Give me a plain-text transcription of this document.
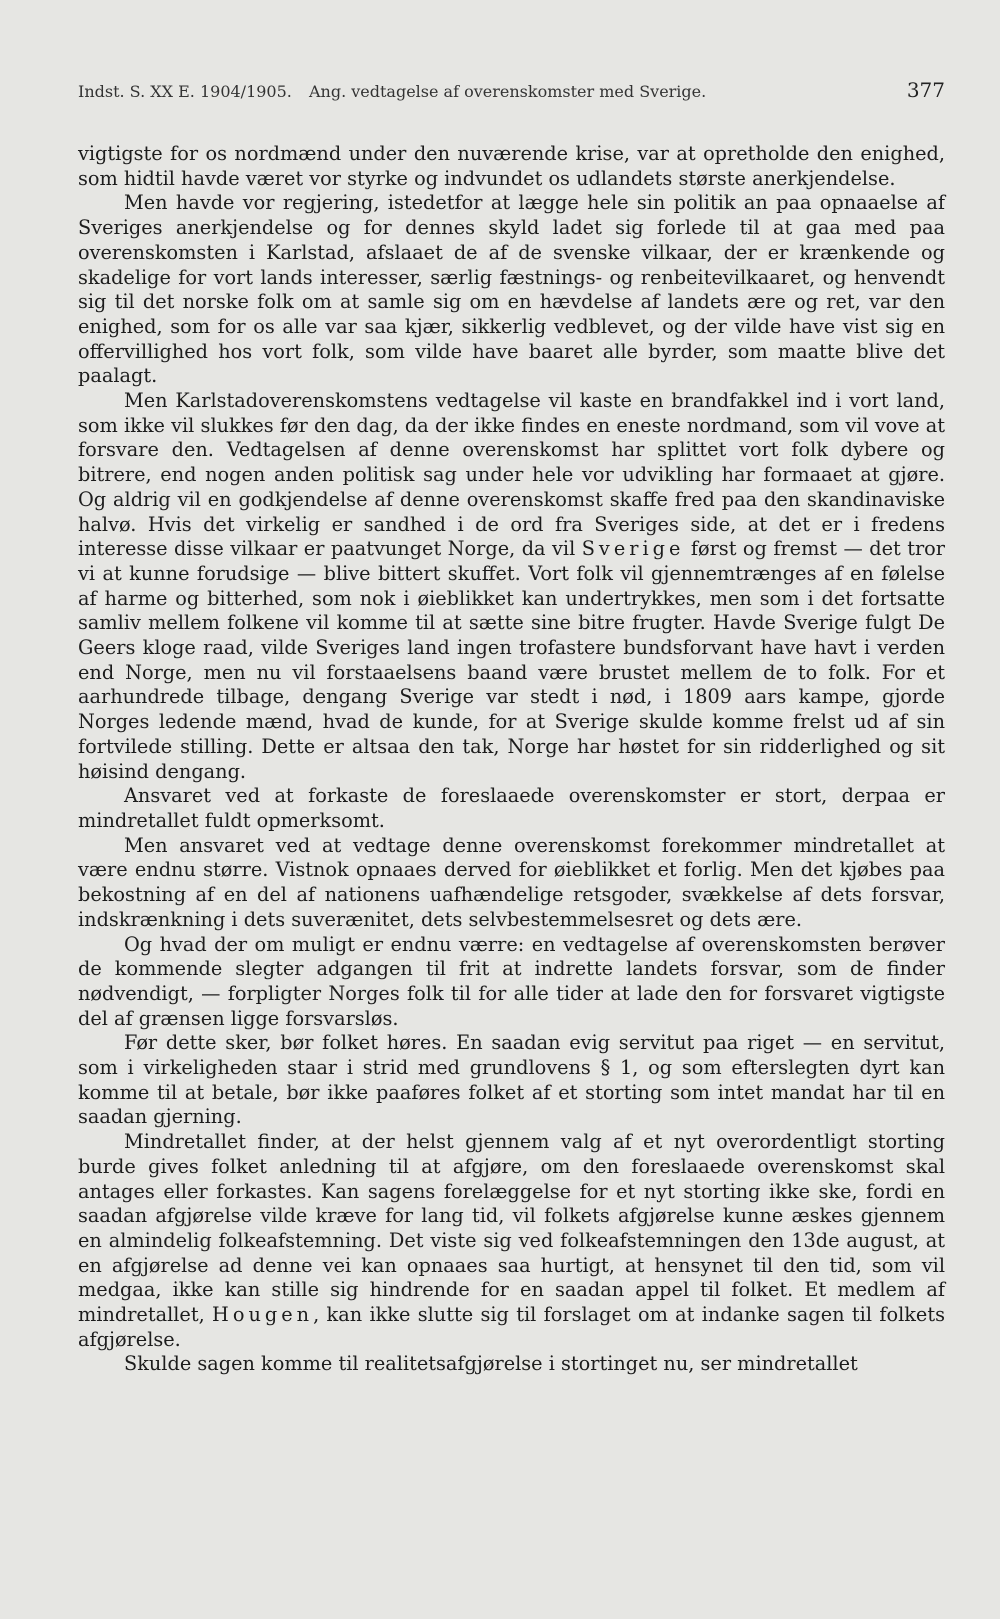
Indst. S. XX E. 1904/1905. Ang. vedtagelse af overenskomster med Sverige.	377

vigtigste for os nordmænd under den nuværende krise, var at opretholde den enighed, som hidtil havde været vor styrke og indvundet os udlandets største anerkjendelse.

Men havde vor regjering, istedetfor at lægge hele sin politik an paa opnaaelse af Sveriges anerkjendelse og for dennes skyld ladet sig forlede til at gaa med paa overenskomsten i Karlstad, afslaaet de af de svenske vilkaar, der er krænkende og skadelige for vort lands interesser, særlig fæstnings- og renbeitevilkaaret, og henvendt sig til det norske folk om at samle sig om en hævdelse af landets ære og ret, var den enighed, som for os alle var saa kjær, sikkerlig vedblevet, og der vilde have vist sig en offervillighed hos vort folk, som vilde have baaret alle byrder, som maatte blive det paalagt.

Men Karlstadoverenskomstens vedtagelse vil kaste en brandfakkel ind i vort land, som ikke vil slukkes før den dag, da der ikke findes en eneste nordmand, som vil vove at forsvare den. Vedtagelsen af denne overenskomst har splittet vort folk dybere og bitrere, end nogen anden politisk sag under hele vor udvikling har formaaet at gjøre. Og aldrig vil en godkjendelse af denne overenskomst skaffe fred paa den skandinaviske halvø. Hvis det virkelig er sandhed i de ord fra Sveriges side, at det er i fredens interesse disse vilkaar er paatvunget Norge, da vil Sverige først og fremst — det tror vi at kunne forudsige — blive bittert skuffet. Vort folk vil gjennemtrænges af en følelse af harme og bitterhed, som nok i øieblikket kan undertrykkes, men som i det fortsatte samliv mellem folkene vil komme til at sætte sine bitre frugter. Havde Sverige fulgt De Geers kloge raad, vilde Sveriges land ingen trofastere bundsforvant have havt i verden end Norge, men nu vil forstaaelsens baand være brustet mellem de to folk. For et aarhundrede tilbage, dengang Sverige var stedt i nød, i 1809 aars kampe, gjorde Norges ledende mænd, hvad de kunde, for at Sverige skulde komme frelst ud af sin fortvilede stilling. Dette er altsaa den tak, Norge har høstet for sin ridderlighed og sit høisind dengang.

Ansvaret ved at forkaste de foreslaaede overenskomster er stort, derpaa er mindretallet fuldt opmerksomt.

Men ansvaret ved at vedtage denne overenskomst forekommer mindretallet at være endnu større. Vistnok opnaaes derved for øieblikket et forlig. Men det kjøbes paa bekostning af en del af nationens uafhændelige retsgoder, svækkelse af dets forsvar, indskrænkning i dets suverænitet, dets selvbestemmelsesret og dets ære.

Og hvad der om muligt er endnu værre: en vedtagelse af overenskomsten berøver de kommende slegter adgangen til frit at indrette landets forsvar, som de finder nødvendigt, — forpligter Norges folk til for alle tider at lade den for forsvaret vigtigste del af grænsen ligge forsvarsløs.

Før dette sker, bør folket høres. En saadan evig servitut paa riget — en servitut, som i virkeligheden staar i strid med grundlovens § 1, og som efterslegten dyrt kan komme til at betale, bør ikke paaføres folket af et storting som intet mandat har til en saadan gjerning.

Mindretallet finder, at der helst gjennem valg af et nyt overordentligt storting burde gives folket anledning til at afgjøre, om den foreslaaede overenskomst skal antages eller forkastes. Kan sagens forelæggelse for et nyt storting ikke ske, fordi en saadan afgjørelse vilde kræve for lang tid, vil folkets afgjørelse kunne æskes gjennem en almindelig folkeafstemning. Det viste sig ved folkeafstemningen den 13de august, at en afgjørelse ad denne vei kan opnaaes saa hurtigt, at hensynet til den tid, som vil medgaa, ikke kan stille sig hindrende for en saadan appel til folket. Et medlem af mindretallet, Hougen, kan ikke slutte sig til forslaget om at indanke sagen til folkets afgjørelse.

Skulde sagen komme til realitetsafgjørelse i stortinget nu, ser mindretallet
